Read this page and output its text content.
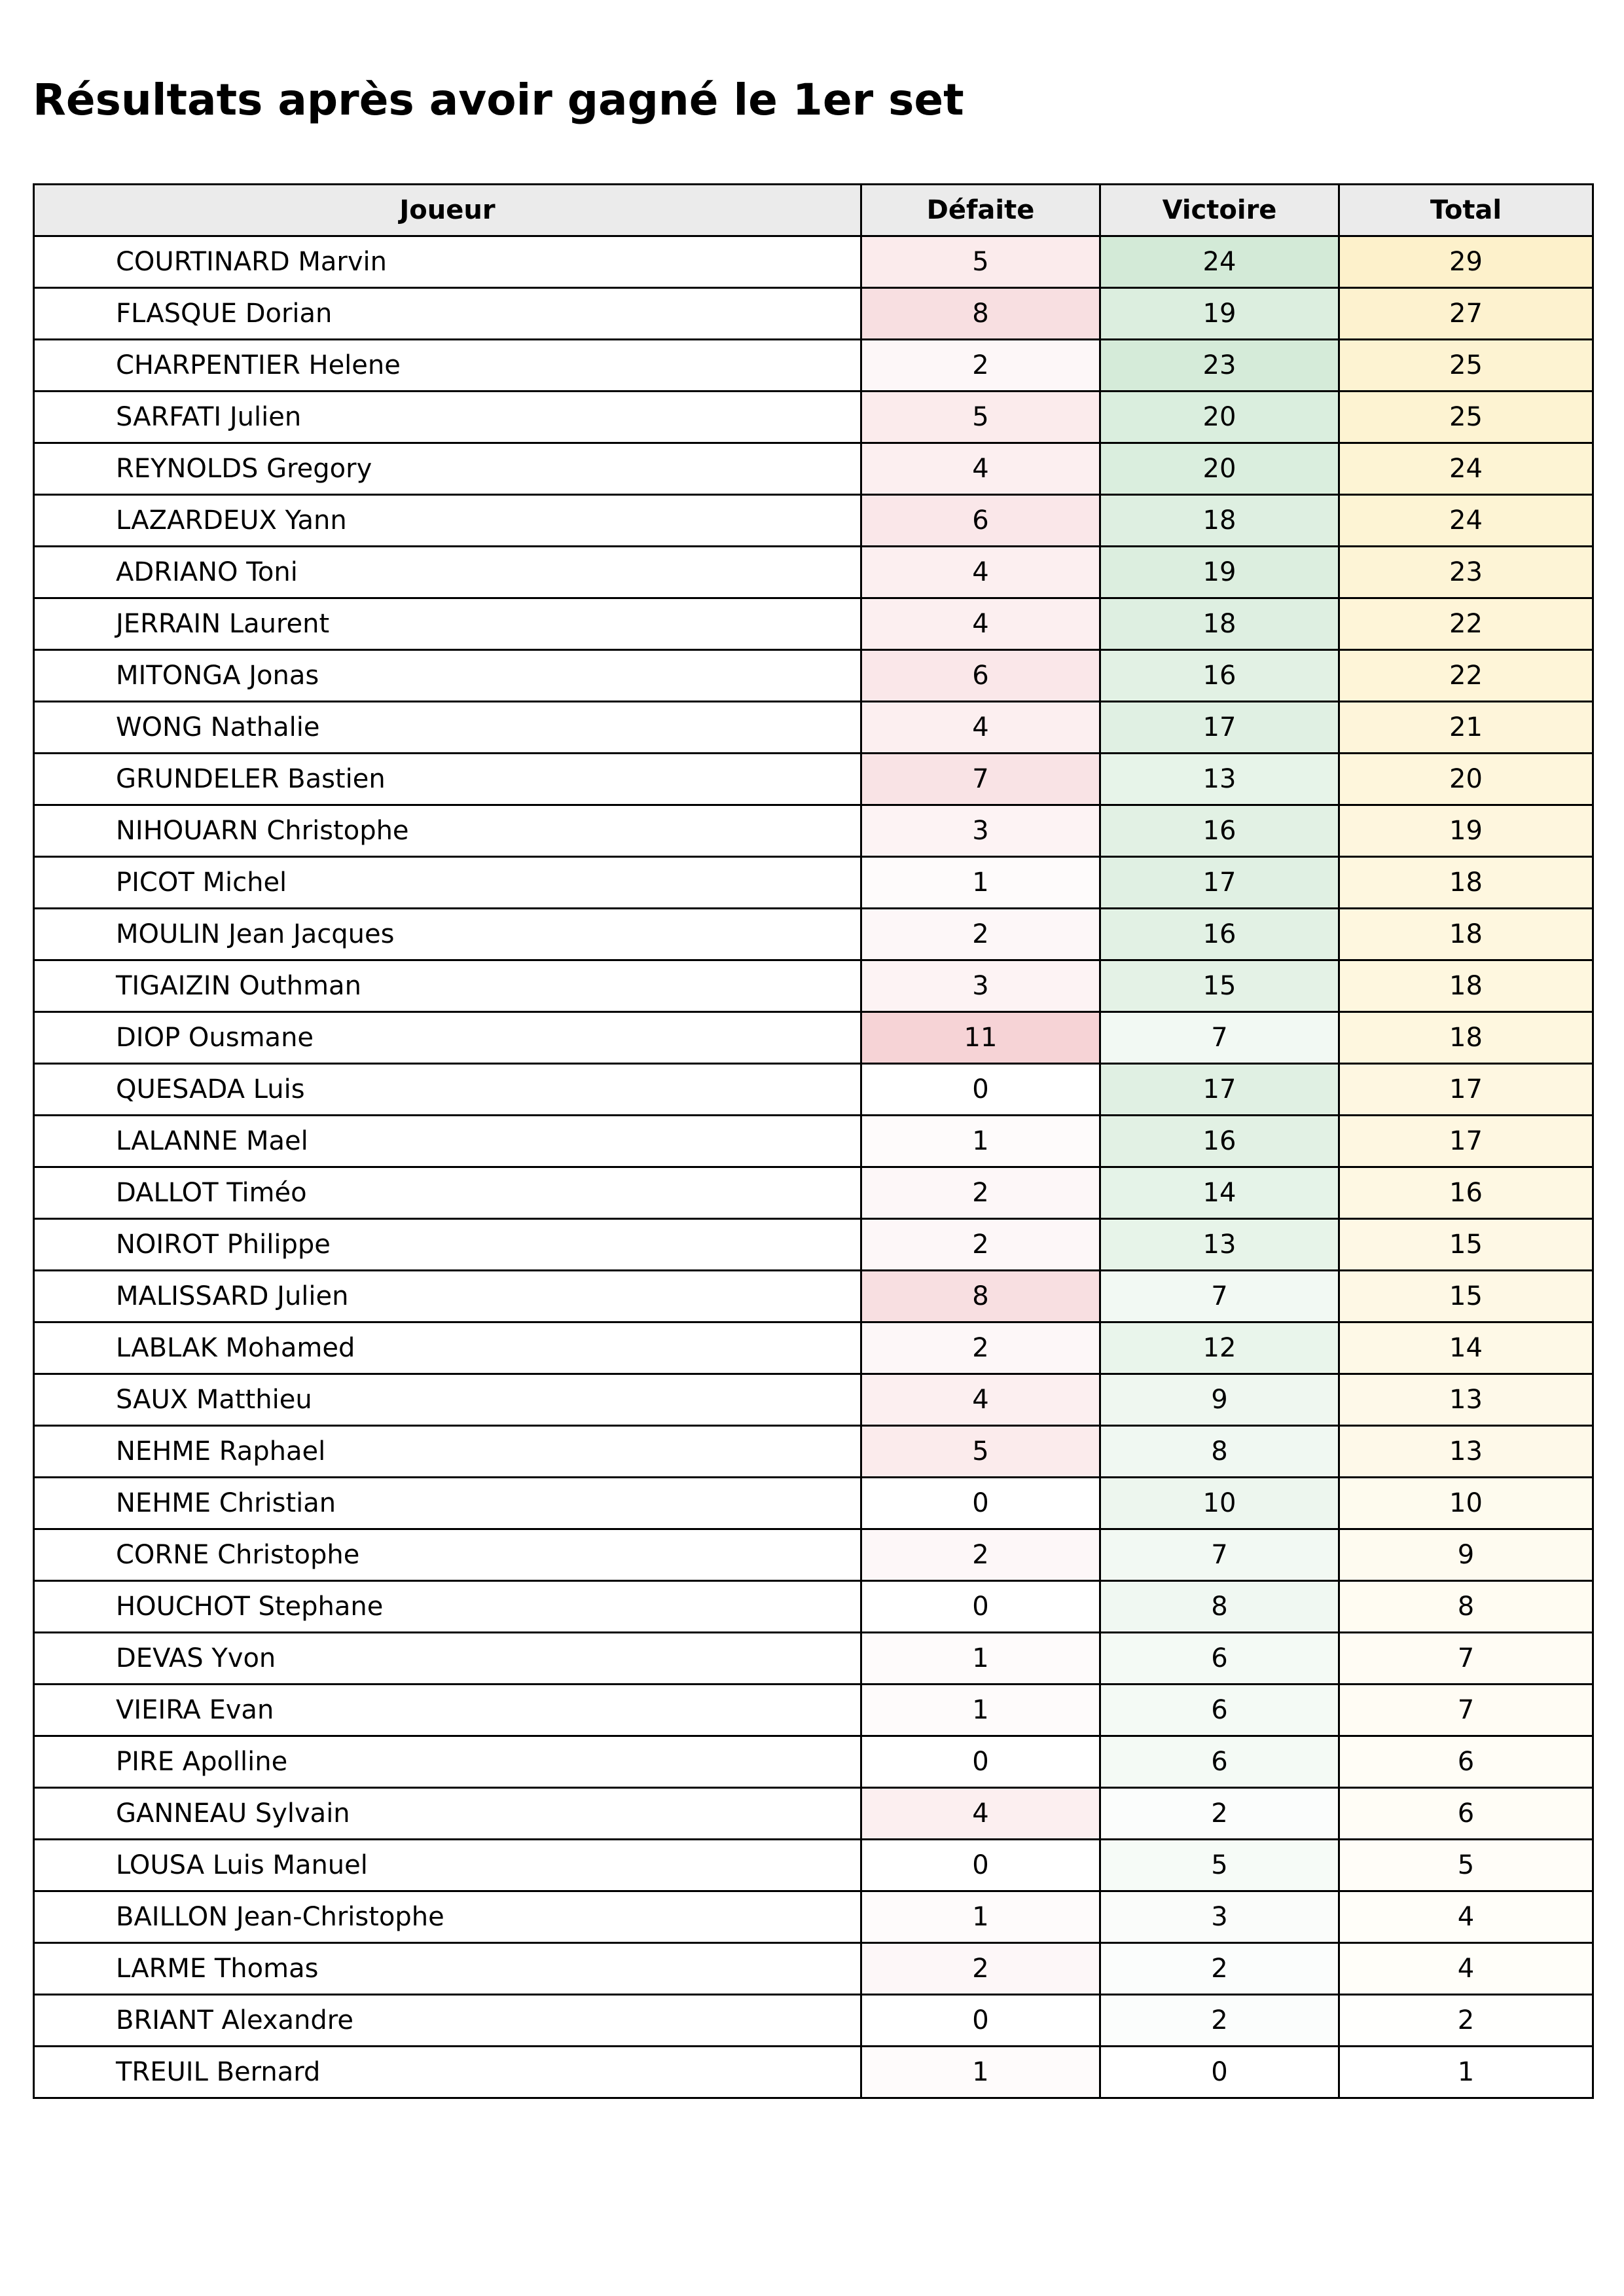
Résultats après avoir gagné le 1er set
Joueur	Défaite	Victoire	Total
COURTINARD Marvin	5	24	29
FLASQUE Dorian	8	19	27
CHARPENTIER Helene	2	23	25
SARFATI Julien	5	20	25
REYNOLDS Gregory	4	20	24
LAZARDEUX Yann	6	18	24
ADRIANO Toni	4	19	23
JERRAIN Laurent	4	18	22
MITONGA Jonas	6	16	22
WONG Nathalie	4	17	21
GRUNDELER Bastien	7	13	20
NIHOUARN Christophe	3	16	19
PICOT Michel	1	17	18
MOULIN Jean Jacques	2	16	18
TIGAIZIN Outhman	3	15	18
DIOP Ousmane	11	7	18
QUESADA Luis	0	17	17
LALANNE Mael	1	16	17
DALLOT Timéo	2	14	16
NOIROT Philippe	2	13	15
MALISSARD Julien	8	7	15
LABLAK Mohamed	2	12	14
SAUX Matthieu	4	9	13
NEHME Raphael	5	8	13
NEHME Christian	0	10	10
CORNE Christophe	2	7	9
HOUCHOT Stephane	0	8	8
DEVAS Yvon	1	6	7
VIEIRA Evan	1	6	7
PIRE Apolline	0	6	6
GANNEAU Sylvain	4	2	6
LOUSA Luis Manuel	0	5	5
BAILLON Jean-Christophe	1	3	4
LARME Thomas	2	2	4
BRIANT Alexandre	0	2	2
TREUIL Bernard	1	0	1
